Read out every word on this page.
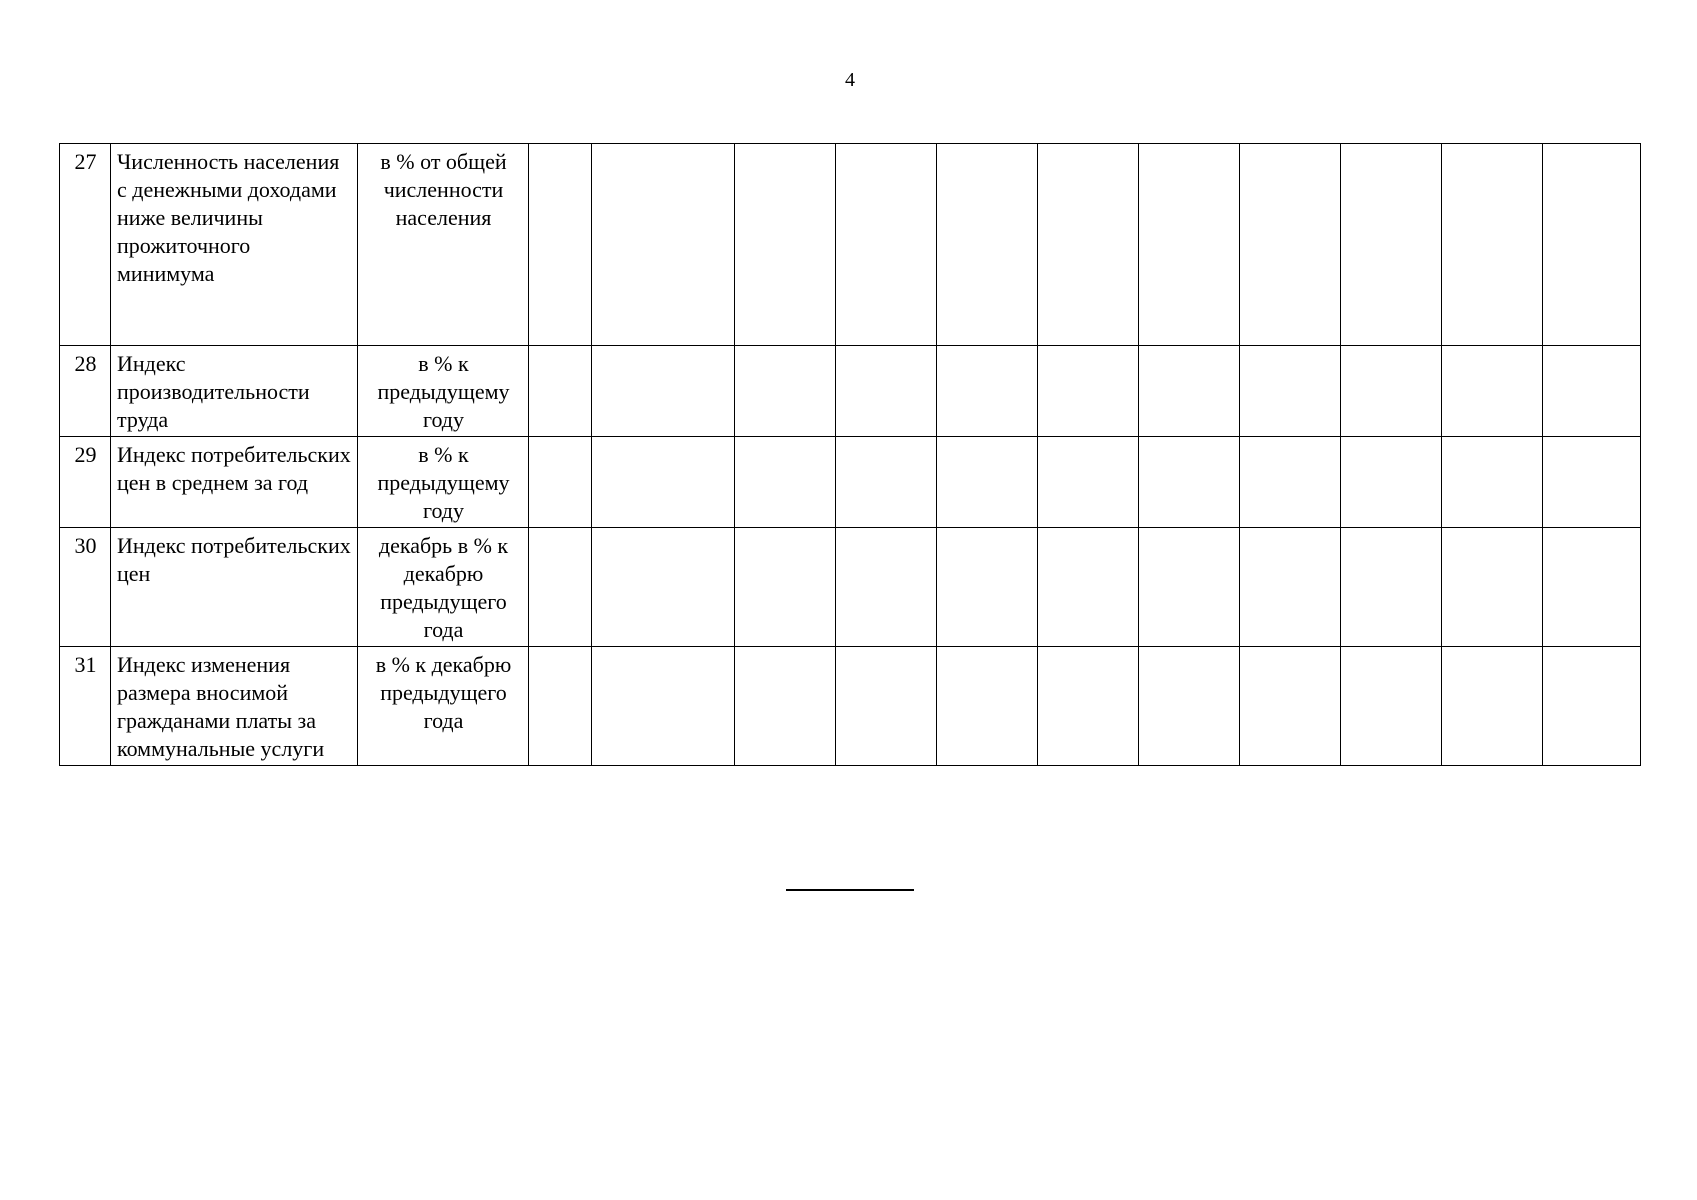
4
27	Численность населения с денежными доходами ниже величины прожиточного минимума	в % от общей численности населения											
28	Индекс производительности труда	в % к предыдущему году											
29	Индекс потребительских цен в среднем за год	в % к предыдущему году											
30	Индекс потребительских цен	декабрь в % к декабрю предыдущего года											
31	Индекс изменения размера вносимой гражданами платы за коммунальные услуги	в % к декабрю предыдущего года											
